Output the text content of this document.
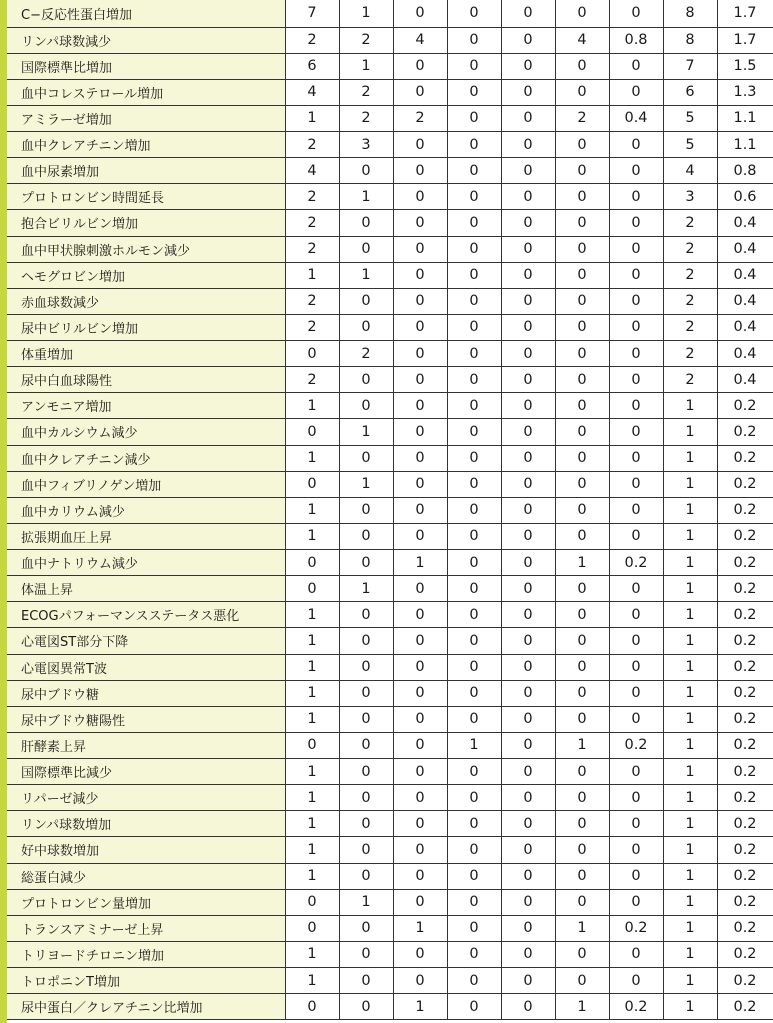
C−反応性蛋白増加	7	1	0	0	0	0	0	8	1.7
リンパ球数減少	2	2	4	0	0	4	0.8	8	1.7
国際標準比増加	6	1	0	0	0	0	0	7	1.5
血中コレステロール増加	4	2	0	0	0	0	0	6	1.3
アミラーゼ増加	1	2	2	0	0	2	0.4	5	1.1
血中クレアチニン増加	2	3	0	0	0	0	0	5	1.1
血中尿素増加	4	0	0	0	0	0	0	4	0.8
プロトロンビン時間延長	2	1	0	0	0	0	0	3	0.6
抱合ビリルビン増加	2	0	0	0	0	0	0	2	0.4
血中甲状腺刺激ホルモン減少	2	0	0	0	0	0	0	2	0.4
ヘモグロビン増加	1	1	0	0	0	0	0	2	0.4
赤血球数減少	2	0	0	0	0	0	0	2	0.4
尿中ビリルビン増加	2	0	0	0	0	0	0	2	0.4
体重増加	0	2	0	0	0	0	0	2	0.4
尿中白血球陽性	2	0	0	0	0	0	0	2	0.4
アンモニア増加	1	0	0	0	0	0	0	1	0.2
血中カルシウム減少	0	1	0	0	0	0	0	1	0.2
血中クレアチニン減少	1	0	0	0	0	0	0	1	0.2
血中フィブリノゲン増加	0	1	0	0	0	0	0	1	0.2
血中カリウム減少	1	0	0	0	0	0	0	1	0.2
拡張期血圧上昇	1	0	0	0	0	0	0	1	0.2
血中ナトリウム減少	0	0	1	0	0	1	0.2	1	0.2
体温上昇	0	1	0	0	0	0	0	1	0.2
ECOGパフォーマンスステータス悪化	1	0	0	0	0	0	0	1	0.2
心電図ST部分下降	1	0	0	0	0	0	0	1	0.2
心電図異常T波	1	0	0	0	0	0	0	1	0.2
尿中ブドウ糖	1	0	0	0	0	0	0	1	0.2
尿中ブドウ糖陽性	1	0	0	0	0	0	0	1	0.2
肝酵素上昇	0	0	0	1	0	1	0.2	1	0.2
国際標準比減少	1	0	0	0	0	0	0	1	0.2
リパーゼ減少	1	0	0	0	0	0	0	1	0.2
リンパ球数増加	1	0	0	0	0	0	0	1	0.2
好中球数増加	1	0	0	0	0	0	0	1	0.2
総蛋白減少	1	0	0	0	0	0	0	1	0.2
プロトロンビン量増加	0	1	0	0	0	0	0	1	0.2
トランスアミナーゼ上昇	0	0	1	0	0	1	0.2	1	0.2
トリヨードチロニン増加	1	0	0	0	0	0	0	1	0.2
トロポニンT増加	1	0	0	0	0	0	0	1	0.2
尿中蛋白／クレアチニン比増加	0	0	1	0	0	1	0.2	1	0.2
